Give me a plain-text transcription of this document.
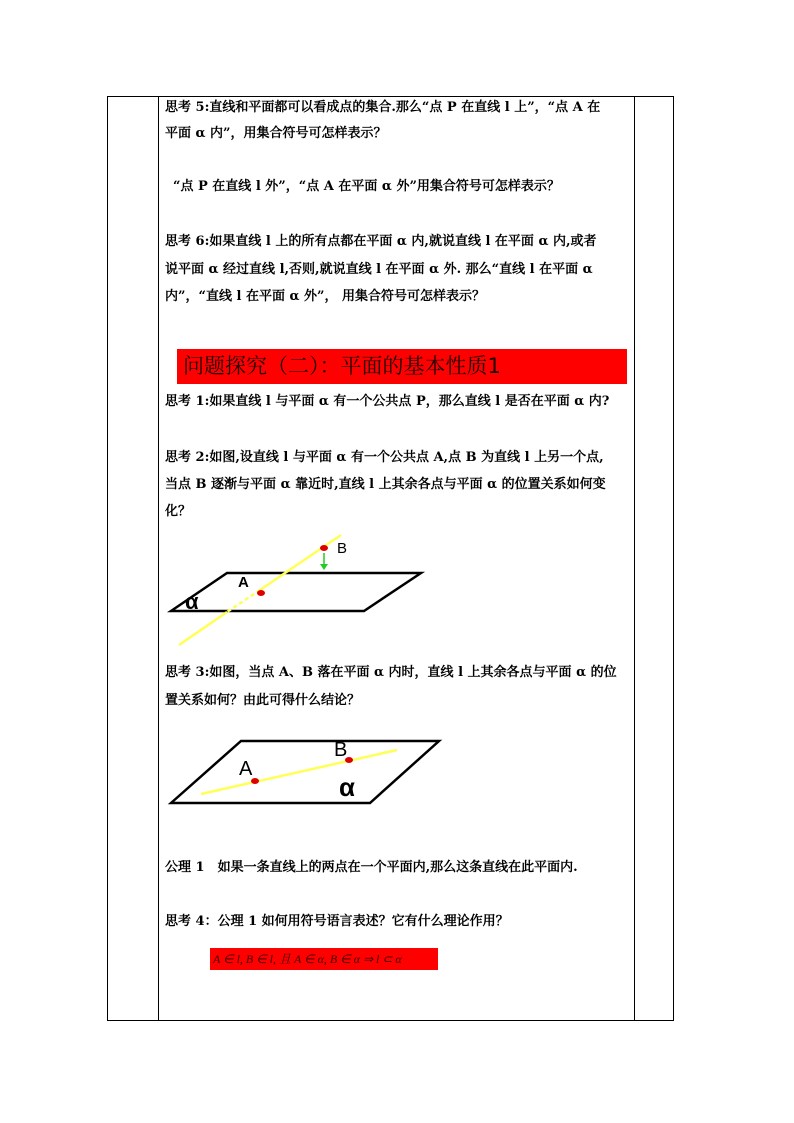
思考 5:直线和平面都可以看成点的集合.那么“点 P 在直线 l 上”，“点 A 在
平面 α 内”，用集合符号可怎样表示？
“点 P 在直线 l 外”，“点 A 在平面 α 外”用集合符号可怎样表示？
思考 6:如果直线 l 上的所有点都在平面 α 内,就说直线 l 在平面 α 内,或者
说平面 α 经过直线 l,否则,就说直线 l 在平面 α 外. 那么“直线 l 在平面 α
内”，“直线 l 在平面 α 外”， 用集合符号可怎样表示？
问题探究（二）：平面的基本性质1
思考 1:如果直线 l 与平面 α 有一个公共点 P，那么直线 l 是否在平面 α 内?
思考 2:如图,设直线 l 与平面 α 有一个公共点 A,点 B 为直线 l 上另一个点,
当点 B 逐渐与平面 α 靠近时,直线 l 上其余各点与平面 α 的位置关系如何变
化？
A
B
α
思考 3:如图，当点 A、B 落在平面 α 内时，直线 l 上其余各点与平面 α 的位
置关系如何？由此可得什么结论？
A
B
α
公理 1　如果一条直线上的两点在一个平面内,那么这条直线在此平面内.
思考 4：公理 1 如何用符号语言表述？它有什么理论作用？
A ∈ l, B ∈ l, 且 A ∈ α, B ∈ α ⇒ l ⊂ α
